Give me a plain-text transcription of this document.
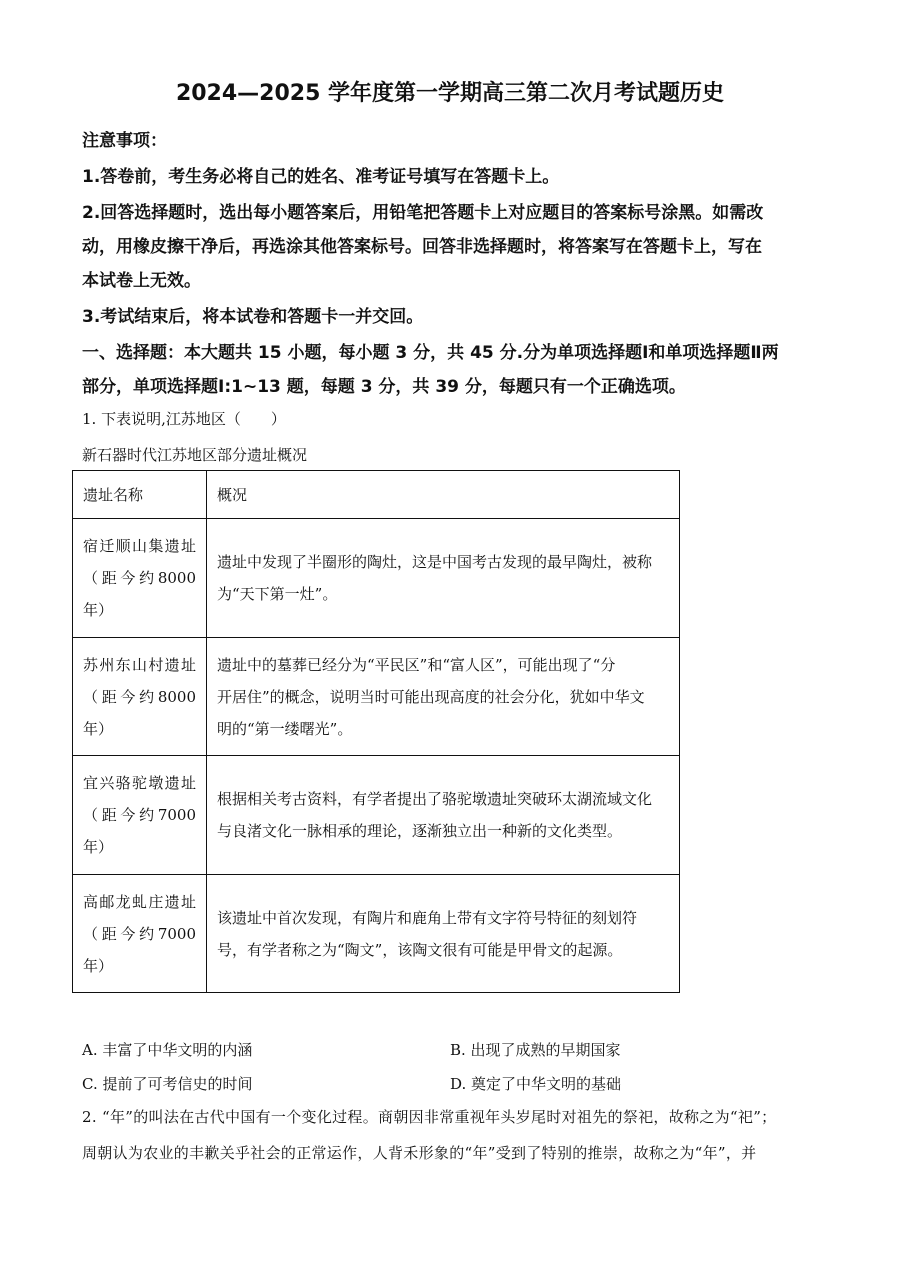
2024—2025 学年度第一学期高三第二次月考试题历史
注意事项：
1.答卷前，考生务必将自己的姓名、准考证号填写在答题卡上。
2.回答选择题时，选出每小题答案后，用铅笔把答题卡上对应题目的答案标号涂黑。如需改
动，用橡皮擦干净后，再选涂其他答案标号。回答非选择题时，将答案写在答题卡上，写在
本试卷上无效。
3.考试结束后，将本试卷和答题卡一并交回。
一、选择题：本大题共 15 小题，每小题 3 分，共 45 分.分为单项选择题Ⅰ和单项选择题Ⅱ两
部分，单项选择题Ⅰ:1~13 题，每题 3 分，共 39 分，每题只有一个正确选项。
1. 下表说明,江苏地区（　　）
新石器时代江苏地区部分遗址概况
遗址名称	概况

宿迁顺山集遗址
（距今约8000
年）	遗址中发现了半圈形的陶灶，这是中国考古发现的最早陶灶，被称
为“天下第一灶”。

苏州东山村遗址
（距今约8000
年）	遗址中的墓葬已经分为“平民区”和“富人区”，可能出现了“分
开居住”的概念，说明当时可能出现高度的社会分化，犹如中华文
明的“第一缕曙光”。

宜兴骆驼墩遗址
（距今约7000
年）	根据相关考古资料，有学者提出了骆驼墩遗址突破环太湖流域文化
与良渚文化一脉相承的理论，逐渐独立出一种新的文化类型。

高邮龙虬庄遗址
（距今约7000
年）	该遗址中首次发现，有陶片和鹿角上带有文字符号特征的刻划符
号，有学者称之为“陶文”，该陶文很有可能是甲骨文的起源。
A. 丰富了中华文明的内涵	B. 出现了成熟的早期国家
C. 提前了可考信史的时间	D. 奠定了中华文明的基础
2. “年”的叫法在古代中国有一个变化过程。商朝因非常重视年头岁尾时对祖先的祭祀，故称之为“祀”；
周朝认为农业的丰歉关乎社会的正常运作，人背禾形象的“年”受到了特别的推崇，故称之为“年”，并
